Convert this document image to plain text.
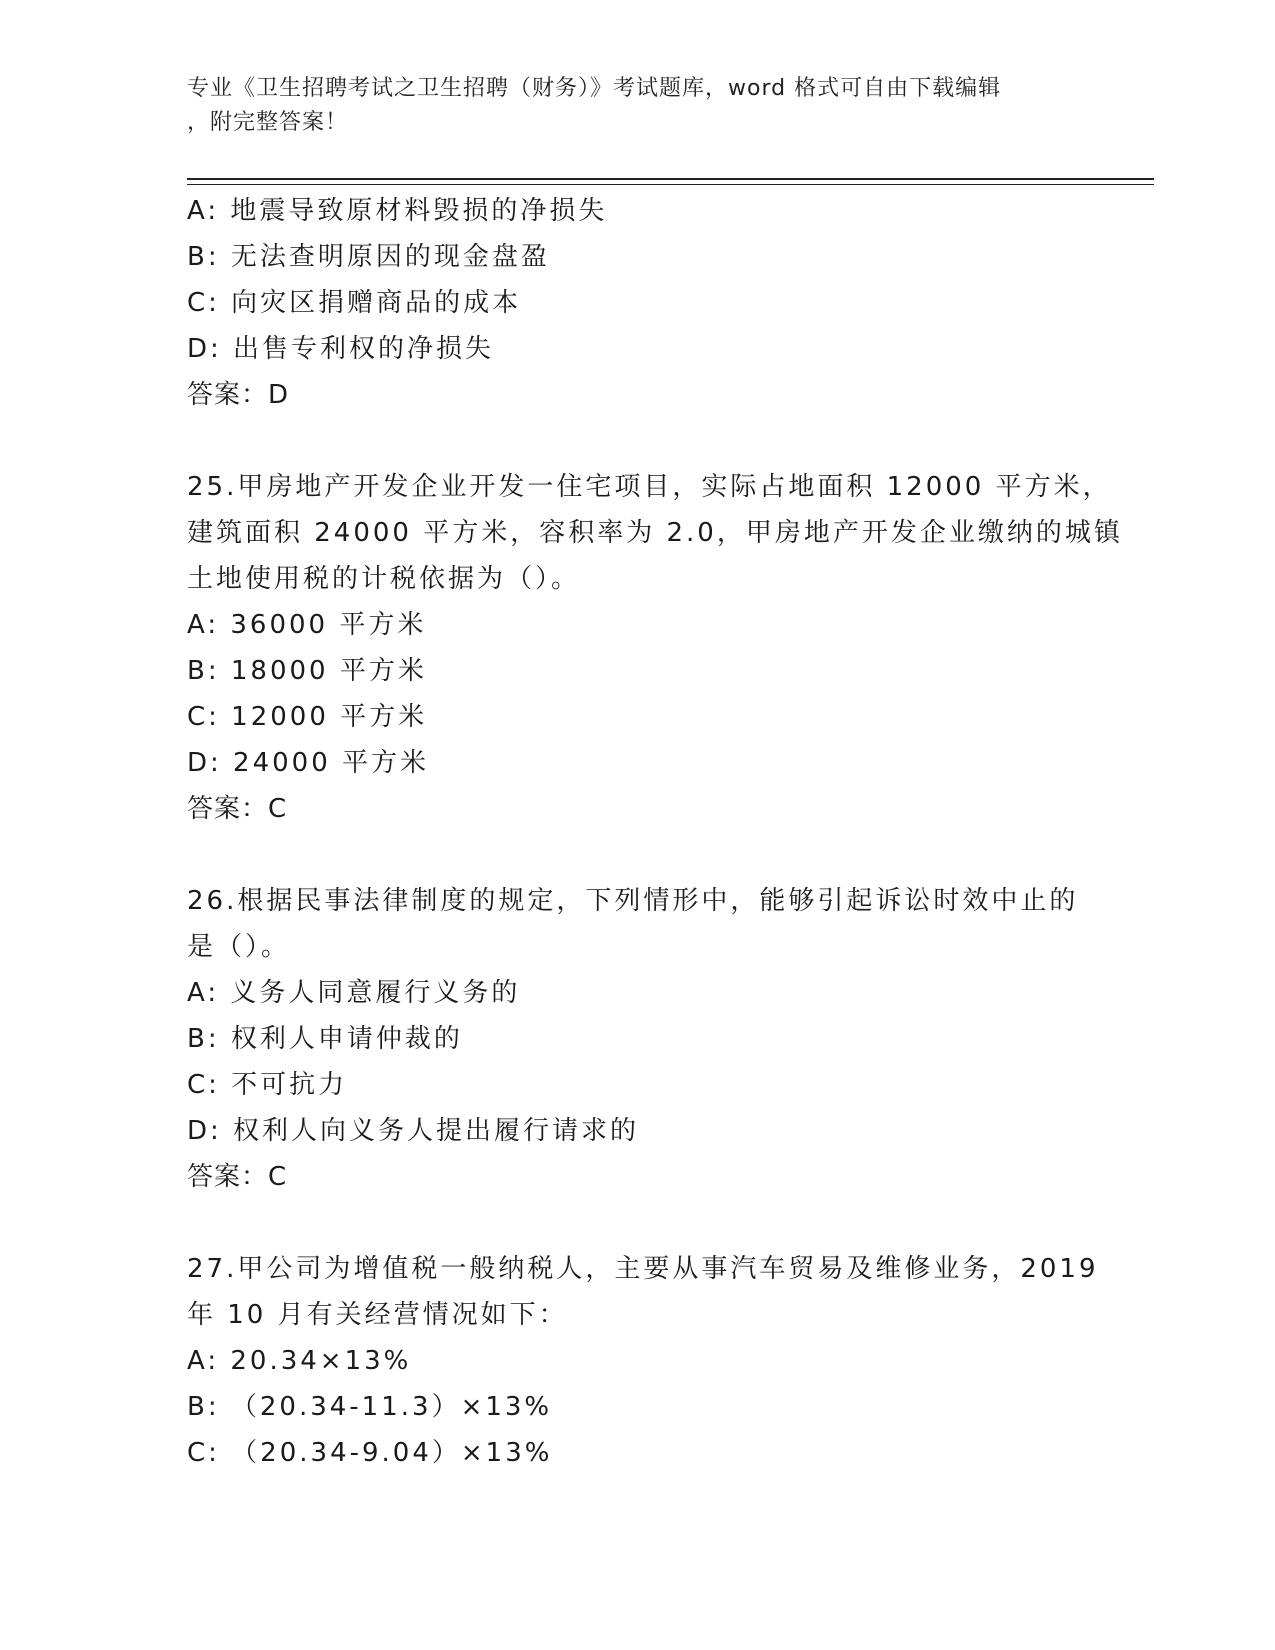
专业《卫生招聘考试之卫生招聘（财务）》考试题库，word 格式可自由下载编辑
，附完整答案！
A: 地震导致原材料毁损的净损失
B: 无法查明原因的现金盘盈
C: 向灾区捐赠商品的成本
D: 出售专利权的净损失
答案：D
25.甲房地产开发企业开发一住宅项目，实际占地面积 12000 平方米，
建筑面积 24000 平方米，容积率为 2.0，甲房地产开发企业缴纳的城镇
土地使用税的计税依据为（）。
A: 36000 平方米
B: 18000 平方米
C: 12000 平方米
D: 24000 平方米
答案：C
26.根据民事法律制度的规定，下列情形中，能够引起诉讼时效中止的
是（）。
A: 义务人同意履行义务的
B: 权利人申请仲裁的
C: 不可抗力
D: 权利人向义务人提出履行请求的
答案：C
27.甲公司为增值税一般纳税人，主要从事汽车贸易及维修业务，2019
年 10 月有关经营情况如下：
A: 20.34×13%
B: （20.34-11.3）×13%
C: （20.34-9.04）×13%
